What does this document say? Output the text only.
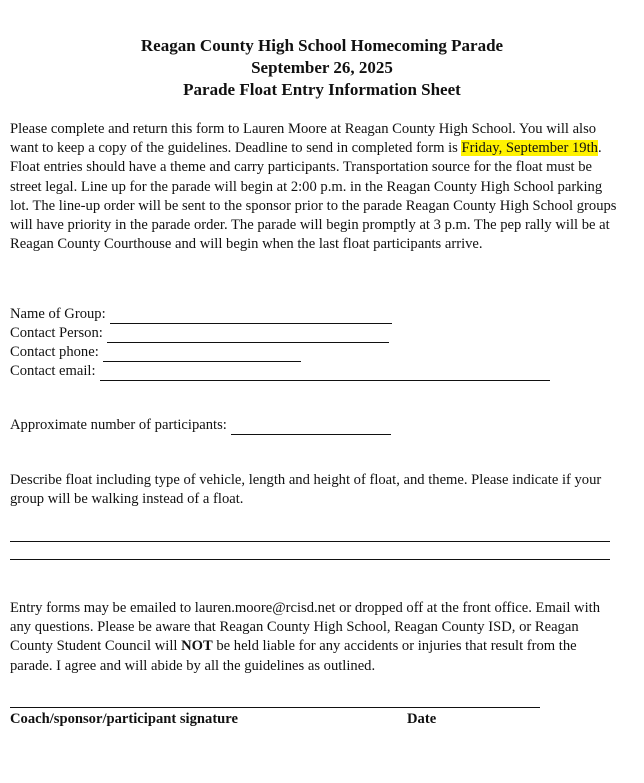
Reagan County High School Homecoming Parade

September 26, 2025

Parade Float Entry Information Sheet

Please complete and return this form to Lauren Moore at Reagan County High School. You will also want to keep a copy of the guidelines. Deadline to send in completed form is Friday, September 19th. Float entries should have a theme and carry participants. Transportation source for the float must be street legal. Line up for the parade will begin at 2:00 p.m. in the Reagan County High School parking lot. The line-up order will be sent to the sponsor prior to the parade Reagan County High School groups will have priority in the parade order. The parade will begin promptly at 3 p.m. The pep rally will be at Reagan County Courthouse and will begin when the last float participants arrive.

Name of Group:
Contact Person:
Contact phone:
Contact email:
Approximate number of participants:

Describe float including type of vehicle, length and height of float, and theme. Please indicate if your group will be walking instead of a float.

Entry forms may be emailed to lauren.moore@rcisd.net or dropped off at the front office. Email with any questions. Please be aware that Reagan County High School, Reagan County ISD, or Reagan County Student Council will NOT be held liable for any accidents or injuries that result from the parade. I agree and will abide by all the guidelines as outlined.

Coach/sponsor/participant signature	Date
